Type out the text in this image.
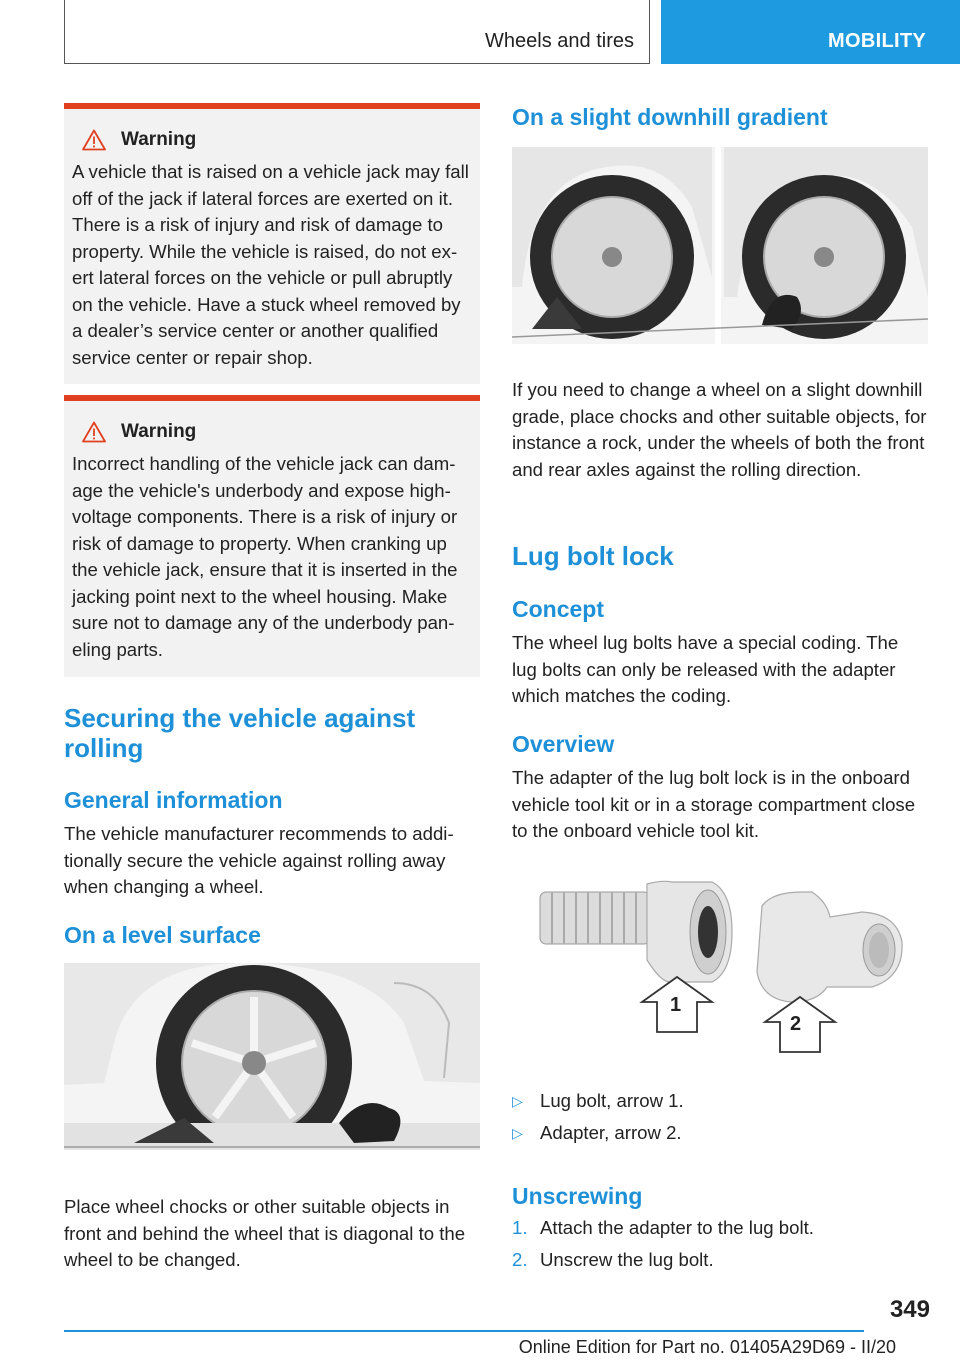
Wheels and tires	MOBILITY
Warning
A vehicle that is raised on a vehicle jack may fall off of the jack if lateral forces are exerted on it. There is a risk of injury and risk of damage to property. While the vehicle is raised, do not exert lateral forces on the vehicle or pull abruptly on the vehicle. Have a stuck wheel removed by a dealer’s service center or another qualified service center or repair shop.
Warning
Incorrect handling of the vehicle jack can damage the vehicle's underbody and expose high-voltage components. There is a risk of injury or risk of damage to property. When cranking up the vehicle jack, ensure that it is inserted in the jacking point next to the wheel housing. Make sure not to damage any of the underbody paneling parts.
Securing the vehicle against rolling
General information
The vehicle manufacturer recommends to additionally secure the vehicle against rolling away when changing a wheel.
On a level surface
Place wheel chocks or other suitable objects in front and behind the wheel that is diagonal to the wheel to be changed.
On a slight downhill gradient
If you need to change a wheel on a slight downhill grade, place chocks and other suitable objects, for instance a rock, under the wheels of both the front and rear axles against the rolling direction.
Lug bolt lock
Concept
The wheel lug bolts have a special coding. The lug bolts can only be released with the adapter which matches the coding.
Overview
The adapter of the lug bolt lock is in the onboard vehicle tool kit or in a storage compartment close to the onboard vehicle tool kit.
1
2
▷ Lug bolt, arrow 1.
▷ Adapter, arrow 2.
Unscrewing
1. Attach the adapter to the lug bolt.
2. Unscrew the lug bolt.
349
Online Edition for Part no. 01405A29D69 - II/20
